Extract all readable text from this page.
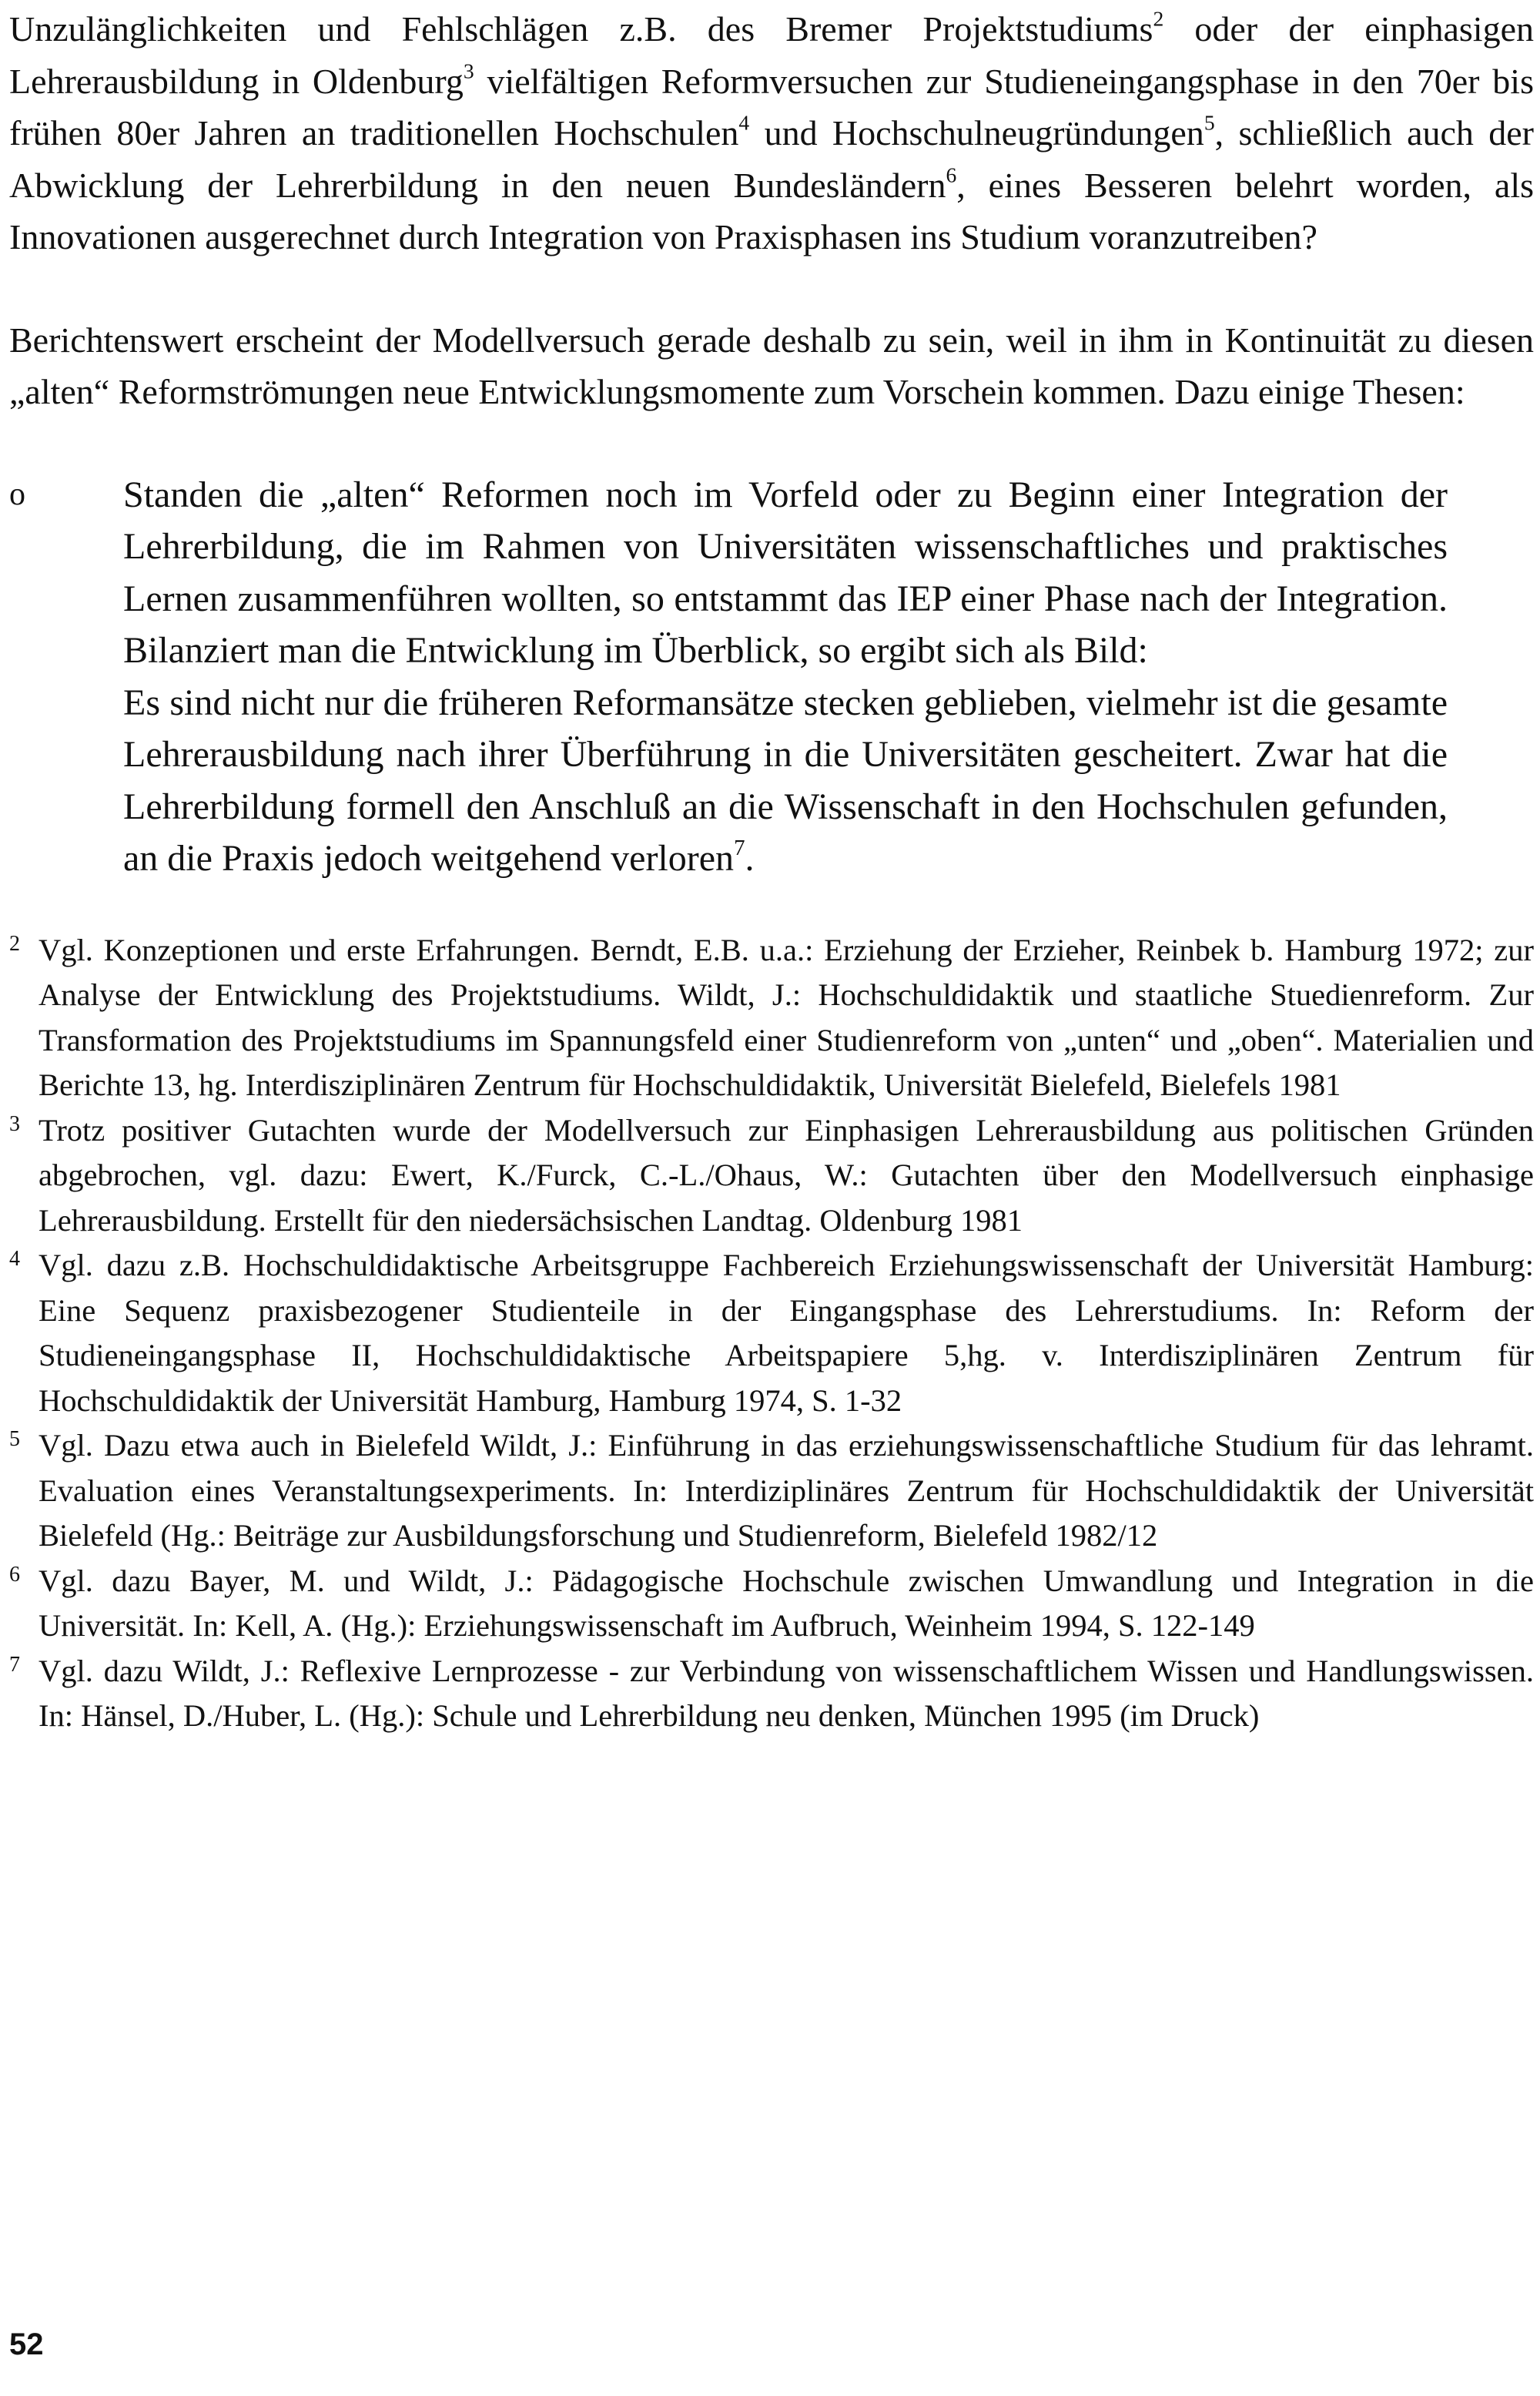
Unzulänglichkeiten und Fehlschlägen z.B. des Bremer Projektstudiums$^2$ oder der einphasigen Lehrerausbildung in Oldenburg$^3$ vielfältigen Reformversuchen zur Studieneingangsphase in den 70er bis frühen 80er Jahren an traditionellen Hochschulen$^4$ und Hochschulneugründungen$^5$, schließlich auch der Abwicklung der Lehrerbildung in den neuen Bundesländern$^6$, eines Besseren belehrt worden, als Innovationen ausgerechnet durch Integration von Praxisphasen ins Studium voranzutreiben?

Berichtenswert erscheint der Modellversuch gerade deshalb zu sein, weil in ihm in Kontinuität zu diesen „alten“ Reformströmungen neue Entwicklungsmomente zum Vorschein kommen. Dazu einige Thesen:

o	Standen die „alten“ Reformen noch im Vorfeld oder zu Beginn einer Integration der Lehrerbildung, die im Rahmen von Universitäten wissenschaftliches und praktisches Lernen zusammenführen wollten, so entstammt das IEP einer Phase nach der Integration. Bilanziert man die Entwicklung im Überblick, so ergibt sich als Bild:

Es sind nicht nur die früheren Reformansätze stecken geblieben, vielmehr ist die gesamte Lehrerausbildung nach ihrer Überführung in die Universitäten gescheitert. Zwar hat die Lehrerbildung formell den Anschluß an die Wissenschaft in den Hochschulen gefunden, an die Praxis jedoch weitgehend verloren$^7$.

2 Vgl. Konzeptionen und erste Erfahrungen. Berndt, E.B. u.a.: Erziehung der Erzieher, Reinbek b. Hamburg 1972; zur Analyse der Entwicklung des Projektstudiums. Wildt, J.: Hochschuldidaktik und staatliche Stuedienreform. Zur Transformation des Projektstudiums im Spannungsfeld einer Studienreform von „unten“ und „oben“. Materialien und Berichte 13, hg. Interdisziplinären Zentrum für Hochschuldidaktik, Universität Bielefeld, Bielefels 1981

3 Trotz positiver Gutachten wurde der Modellversuch zur Einphasigen Lehrerausbildung aus politischen Gründen abgebrochen, vgl. dazu: Ewert, K./Furck, C.-L./Ohaus, W.: Gutachten über den Modellversuch einphasige Lehrerausbildung. Erstellt für den niedersächsischen Landtag. Oldenburg 1981

4 Vgl. dazu z.B. Hochschuldidaktische Arbeitsgruppe Fachbereich Erziehungswissenschaft der Universität Hamburg: Eine Sequenz praxisbezogener Studienteile in der Eingangsphase des Lehrerstudiums. In: Reform der Studieneingangsphase II, Hochschuldidaktische Arbeitspapiere 5,hg. v. Interdisziplinären Zentrum für Hochschuldidaktik der Universität Hamburg, Hamburg 1974, S. 1-32

5 Vgl. Dazu etwa auch in Bielefeld Wildt, J.: Einführung in das erziehungswissenschaftliche Studium für das lehramt. Evaluation eines Veranstaltungsexperiments. In: Interdiziplinäres Zentrum für Hochschuldidaktik der Universität Bielefeld (Hg.: Beiträge zur Ausbildungsforschung und Studienreform, Bielefeld 1982/12

6 Vgl. dazu Bayer, M. und Wildt, J.: Pädagogische Hochschule zwischen Umwandlung und Integration in die Universität. In: Kell, A. (Hg.): Erziehungswissenschaft im Aufbruch, Weinheim 1994, S. 122-149

7 Vgl. dazu Wildt, J.: Reflexive Lernprozesse - zur Verbindung von wissenschaftlichem Wissen und Handlungswissen. In: Hänsel, D./Huber, L. (Hg.): Schule und Lehrerbildung neu denken, München 1995 (im Druck)

52
